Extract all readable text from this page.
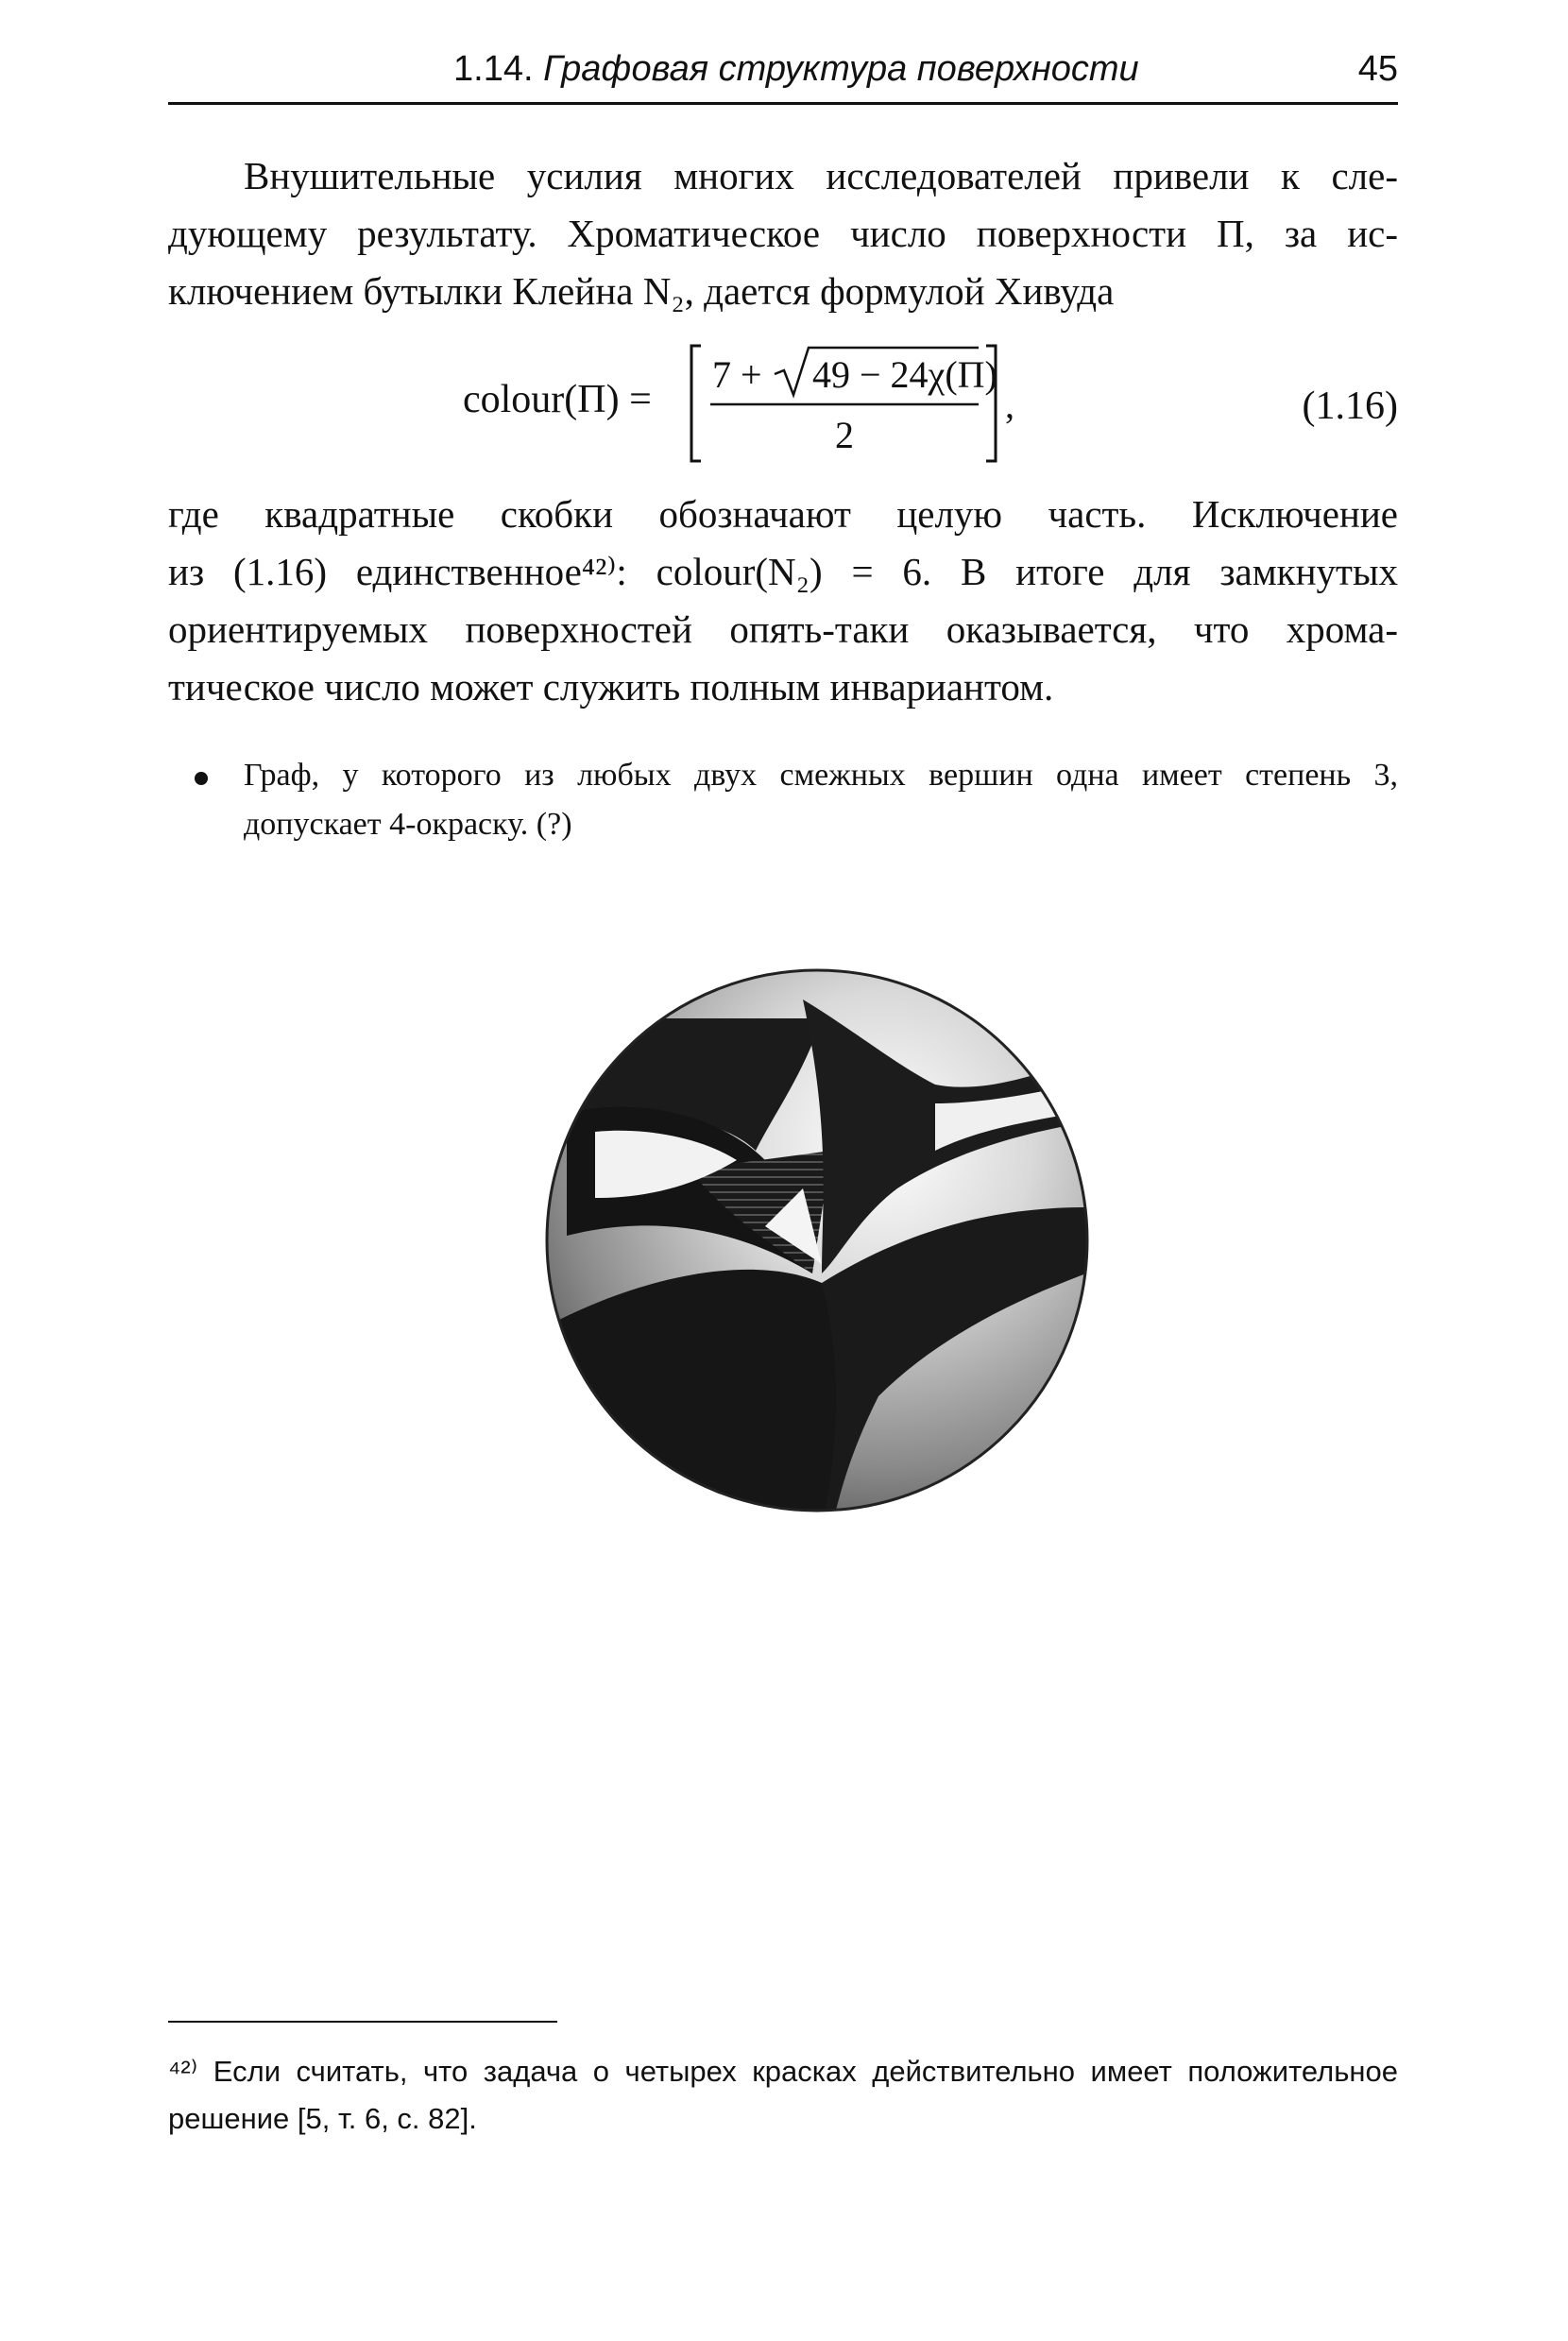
1.14. Графовая структура поверхности	45
Внушительные усилия многих исследователей привели к сле-
дующему результату. Хроматическое число поверхности П, за ис-
ключением бутылки Клейна N₂, дается формулой Хивуда
colour(П) =
7 + 49 − 24χ(П)
2
,	(1.16)
где квадратные скобки обозначают целую часть. Исключение
из (1.16) единственное⁴²⁾: colour(N₂) = 6. В итоге для замкнутых
ориентируемых поверхностей опять-таки оказывается, что хрома-
тическое число может служить полным инвариантом.
Граф, у которого из любых двух смежных вершин одна имеет степень 3,
допускает 4-окраску. (?)
⁴²⁾ Если считать, что задача о четырех красках действительно имеет положительное
решение [5, т. 6, с. 82].
